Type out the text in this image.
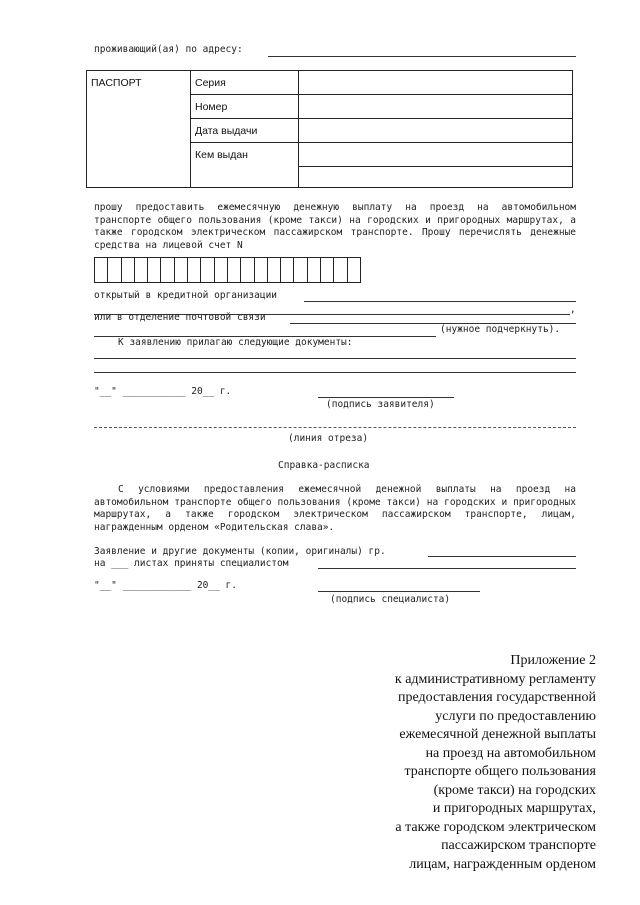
проживающий(ая) по адресу:
ПАСПОРТ	Серия
Номер
Дата выдачи
Кем выдан
прошу предоставить ежемесячную денежную выплату на проезд на автомобильном транспорте общего пользования (кроме такси) на городских и пригородных маршрутах, а также городском электрическом пассажирском транспорте. Прошу перечислять денежные средства на лицевой счет N
открытый в кредитной организации
,
или в отделение почтовой связи
(нужное подчеркнуть).
К заявлению прилагаю следующие документы:
"__" ___________ 20__ г.
(подпись заявителя)
(линия отреза)
Справка-расписка
С условиями предоставления ежемесячной денежной выплаты на проезд на автомобильном транспорте общего пользования (кроме такси) на городских и пригородных маршрутах, а также городском электрическом пассажирском транспорте, лицам, награжденным орденом «Родительская слава».
Заявление и другие документы (копии, оригиналы) гр.
на ___ листах приняты специалистом
"__" ____________ 20__ г.
(подпись специалиста)
Приложение 2
к административному регламенту
предоставления государственной
услуги по предоставлению
ежемесячной денежной выплаты
на проезд на автомобильном
транспорте общего пользования
(кроме такси) на городских
и пригородных маршрутах,
а также городском электрическом
пассажирском транспорте
лицам, награжденным орденом
